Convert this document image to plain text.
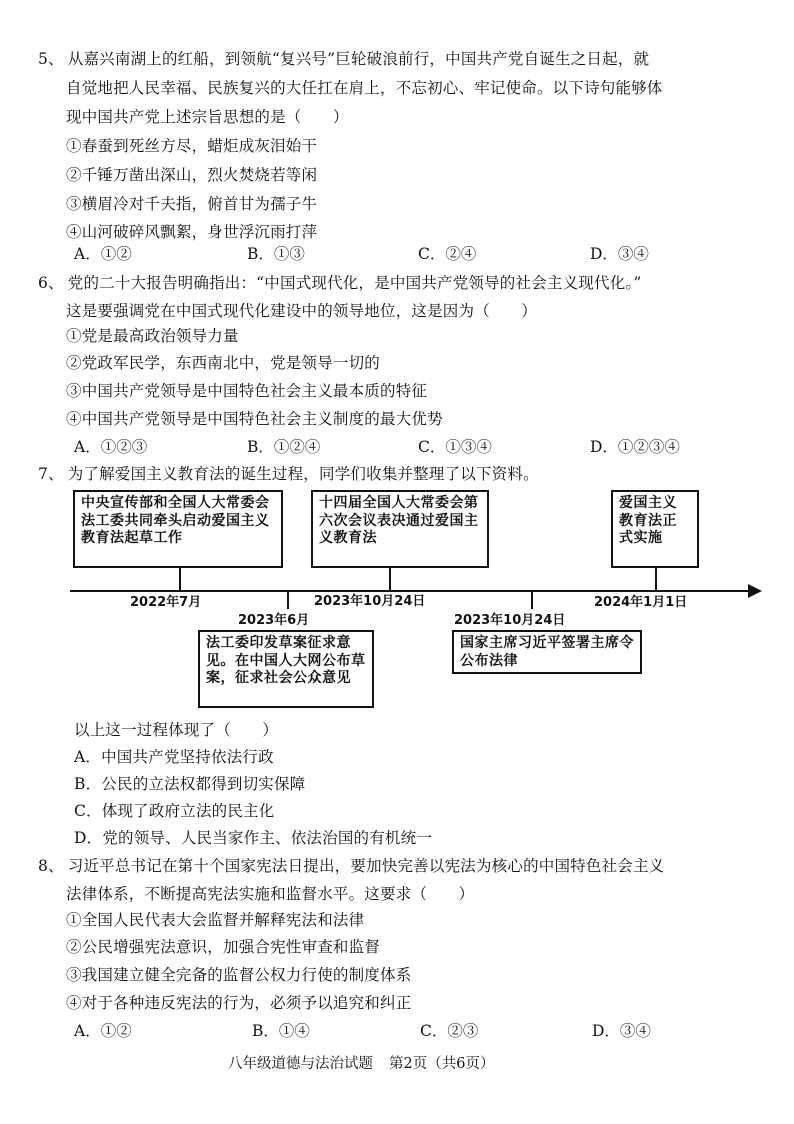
5、 从嘉兴南湖上的红船，到领航“复兴号”巨轮破浪前行，中国共产党自诞生之日起，就
自觉地把人民幸福、民族复兴的大任扛在肩上，不忘初心、牢记使命。以下诗句能够体
现中国共产党上述宗旨思想的是（　　）
①春蚕到死丝方尽，蜡炬成灰泪始干
②千锤万凿出深山，烈火焚烧若等闲
③横眉冷对千夫指，俯首甘为孺子牛
④山河破碎风飘絮，身世浮沉雨打萍
A．①②	B．①③	C．②④	D．③④
6、 党的二十大报告明确指出：“中国式现代化，是中国共产党领导的社会主义现代化。”
这是要强调党在中国式现代化建设中的领导地位，这是因为（　　）
①党是最高政治领导力量
②党政军民学，东西南北中，党是领导一切的
③中国共产党领导是中国特色社会主义最本质的特征
④中国共产党领导是中国特色社会主义制度的最大优势
A．①②③	B．①②④	C．①③④	D．①②③④
7、 为了解爱国主义教育法的诞生过程，同学们收集并整理了以下资料。
中央宣传部和全国人大常委会法工委共同牵头启动爱国主义教育法起草工作
十四届全国人大常委会第六次会议表决通过爱国主义教育法
爱国主义教育法正式实施
2022年7月	2023年10月24日	2024年1月1日
2023年6月	2023年10月24日
法工委印发草案征求意见。在中国人大网公布草案，征求社会公众意见
国家主席习近平签署主席令公布法律
以上这一过程体现了（　　）
A．中国共产党坚持依法行政
B．公民的立法权都得到切实保障
C．体现了政府立法的民主化
D．党的领导、人民当家作主、依法治国的有机统一
8、 习近平总书记在第十个国家宪法日提出，要加快完善以宪法为核心的中国特色社会主义
法律体系，不断提高宪法实施和监督水平。这要求（　　）
①全国人民代表大会监督并解释宪法和法律
②公民增强宪法意识，加强合宪性审查和监督
③我国建立健全完备的监督公权力行使的制度体系
④对于各种违反宪法的行为，必须予以追究和纠正
A．①②	B．①④	C．②③	D．③④
八年级道德与法治试题 第2页（共6页）
